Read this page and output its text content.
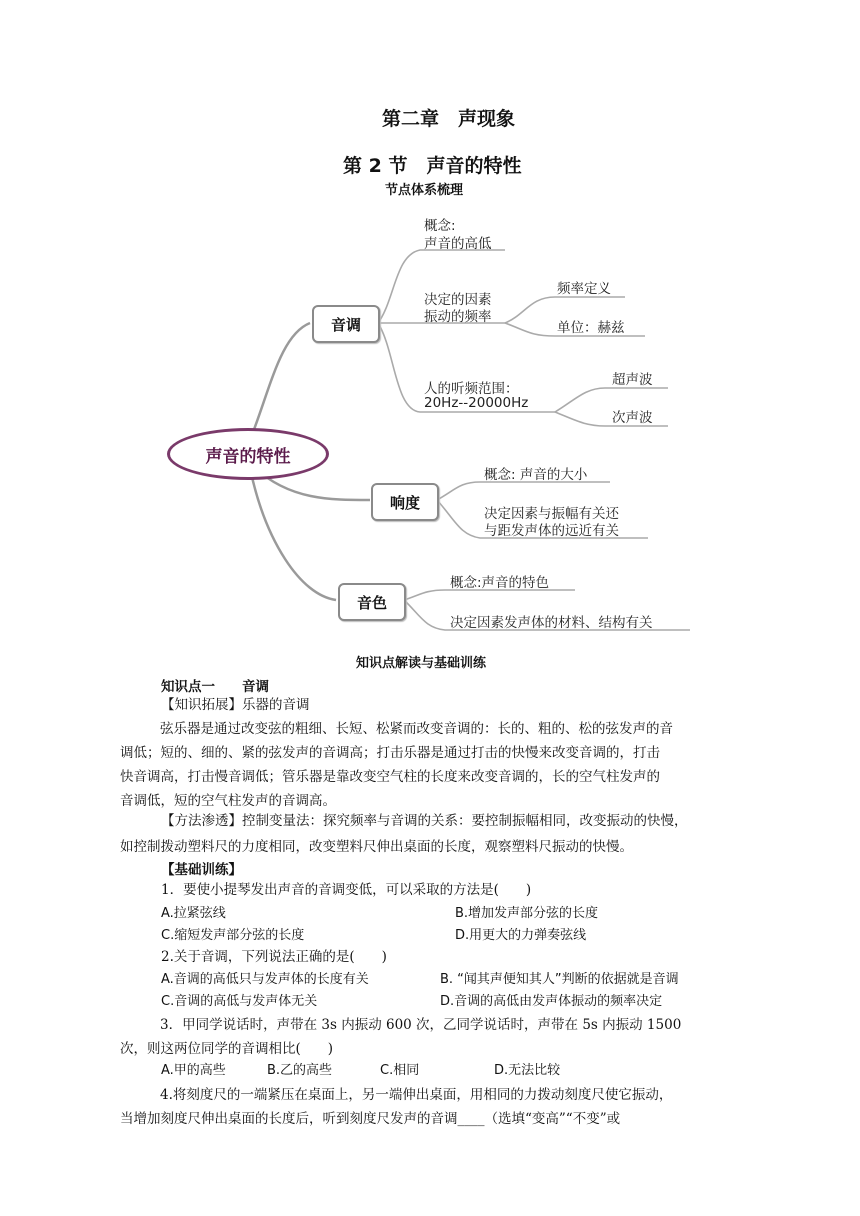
第二章　声现象
第 2 节　声音的特性
节点体系梳理
声音的特性
音调
响度
音色
概念:
声音的高低
决定的因素
振动的频率
频率定义
单位：赫兹
人的听频范围：
20Hz--20000Hz
超声波
次声波
概念: 声音的大小
决定因素与振幅有关还
与距发声体的远近有关
概念:声音的特色
决定因素发声体的材料、结构有关
知识点解读与基础训练
知识点一　　音调
【知识拓展】乐器的音调
弦乐器是通过改变弦的粗细、长短、松紧而改变音调的：长的、粗的、松的弦发声的音
调低；短的、细的、紧的弦发声的音调高；打击乐器是通过打击的快慢来改变音调的，打击
快音调高，打击慢音调低；管乐器是靠改变空气柱的长度来改变音调的，长的空气柱发声的
音调低，短的空气柱发声的音调高。
【方法渗透】控制变量法：探究频率与音调的关系：要控制振幅相同，改变振动的快慢，
如控制拨动塑料尺的力度相同，改变塑料尺伸出桌面的长度，观察塑料尺振动的快慢。
【基础训练】
1．要使小提琴发出声音的音调变低，可以采取的方法是(　　)
A.拉紧弦线	B.增加发声部分弦的长度
C.缩短发声部分弦的长度	D.用更大的力弹奏弦线
2.关于音调，下列说法正确的是(　　)
A.音调的高低只与发声体的长度有关	B. “闻其声便知其人”判断的依据就是音调
C.音调的高低与发声体无关	D.音调的高低由发声体振动的频率决定
3．甲同学说话时，声带在 3s 内振动 600 次，乙同学说话时，声带在 5s 内振动 1500
次，则这两位同学的音调相比(　　)
A.甲的高些	B.乙的高些	C.相同	D.无法比较
4.将刻度尺的一端紧压在桌面上，另一端伸出桌面，用相同的力拨动刻度尺使它振动，
当增加刻度尺伸出桌面的长度后，听到刻度尺发声的音调____（选填“变高”“不变”或
